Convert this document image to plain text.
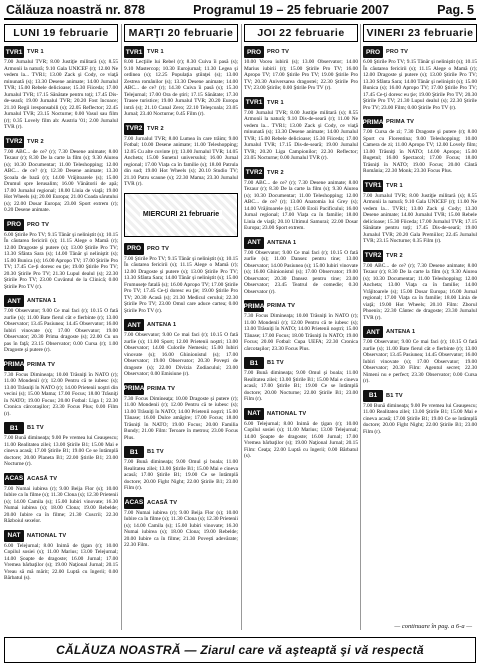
Călăuza noastră nr. 878	Programul 19 – 25 februarie 2007	Pag. 5
LUNI 19 februarie
TVR1 TVR 1

7.00 Jurnalul TVR; 8.00 Justiţie militară (s); 8.55 Armonii la natură; 9.10 Gala UNICEF (r); 12.00 Ne vedem la... TVR1; 13.00 Zack şi Cody, ce viaţă minunată (s); 13.30 Desene animate; 14.00 Jurnalul TVR; 15.00 Rebele delicioase; 15.30 Fiiceda; 17.00 Jurnalul TVR; 17.15 Sănătate pentru toţi; 17.45 Dis-de-seară; 19.00 Jurnalul TVR; 20.20 Fost încoace; 21.10 Regii iresponsabili (s); 22.05 Reflector; 22.45 Jurnalul TVR; 23.15 Nocturne; 0.00 Vasul sau film (r); 0.35 Lovely film ab: Austria '01; 2.00 Jurnalul TVR (r).

TVR2 TVR 2

7.00 ABC... de ce? (r); 7.30 Desene animate; 8.00 Tezaur (r); 8.30 De la carte la film (s); 9.30 Aiurea (s); 10.30 Documentar; 11.00 Teleshopping; 12.00 ABC... de ce? (r); 12.30 Desene animate; 13.30 Şcoala de bază (r); 14.00 Vrăjitoarele (s); 15.00 Drumul spre Ierusalim; 16.00 Vânătorii de apă; 17.00 Jurnalul regional; 18.00 Linia de viaţă; 19.00 Hot Wheels (s); 20.00 Europa; 21.00 Coada sărutului (s); 22.00 Dosar Europa; 23.00 Sport extrem (r); 0.20 Desene animate.

PRO	PRO TV

6.00 Ştirile Pro TV; 9.15 Tânăr şi neliniştit (s); 10.15 În căutarea fericirii (s); 11.15 Alege o Mamă (r); 12.00 Dragoste şi putere (s); 13.00 Ştirile Pro TV; 13.30 Sfânta Sara (s); 14.00 Tânăr şi neliniştit (s); 15.00 Bunica (s); 16.00 Apropo TV; 17.00 Ştirile Pro TV; 17.45 Ce-ţi doresc eu ţie; 19.00 Ştirile Pro TV; 20.30 Ştirile Pro TV; 21.30 Lupul dealul (s); 22.30 Ştirile Pro TV; 23.00 Cuvântul de la Clinică; 0.00 Ştirile Pro TV (r).

ANT	ANTENA 1

7.00 Observator; 9.00 Ce mai faci (r); 10.15 O fată zurlie (s); 11.00 Bate fierul cât e fierbinte (r); 13.00 Observator; 13.45 Pasiunea; 14.45 Observator; 16.00 Iubiri vinovate (s); 17.00 Observator; 19.00 Observator; 20.30 Prima dragoste (s); 22.00 Cu un pas în faţă; 23.15 Observator; 0.00 Cursa (r); 1.00 Dragoste şi putere (r).

PRIMA PRIMA TV

7.30 Focus Dimineaţa; 10.00 Trăsniţi în NATO (r); 11.00 Mondenii (r); 12.00 Pentru că te iubesc (s); 13.00 Trăsniţi în NATO (r); 14.00 Prietenii noştri din vecini (s); 15.00 Mama; 17.00 Focus; 18.00 Trăsniţi în NATO; 19.00 Focus; 20.00 Fotbal: Liga I; 22.30 Cronica cârcotaşilor; 23.30 Focus Plus; 0.00 Film (r).

B1	B1 TV

7.00 Bună dimineaţa; 9.00 Pe vremea lui Ceauşescu; 11.00 Realitatea zilei; 13.00 Ştirile B1; 15.00 Mai e cineva acasă; 17.00 Ştirile B1; 19.00 Ce se întâmplă doctore; 20.00 Planeta B1; 22.00 Ştirile B1; 23.00 Nocturne (r).

ACAS ACASĂ TV

7.00 Numai iubirea (r); 9.00 Beija Flor (s); 10.00 Iubire ca în filme (s); 11.30 Clona (s); 12.30 Prietenii (s); 14.00 Camila (s); 15.00 Iubiri vinovate; 16.30 Numai iubirea (s); 18.00 Clona; 19.00 Rebelde; 20.00 Iubire ca în filme; 21.30 Cuscrii; 22.30 Războiul sexelor.

NAT	NATIONAL TV

6.00 Telejurnal; 8.00 Inimă de ţigan (r); 10.00 Copilul sosiei (s); 11.00 Marius; 13.00 Telejurnal; 14.00 Şoapte de dragoste; 16.00 Jurnal; 17.00 Vremea bărbaţilor (s); 19.00 Naţional Jurnal; 20.15 Vreau să mă mărit; 22.00 Luptă cu îngerii; 0.00 Bărbatul (s).

MARŢI 20 februarie
TVR1 TVR 1

8.00 Lecţiile lui Rebel (r); 8.30 Cuiva îi pasă (s); 9.10 Mastercop; 10.30 Eurojurnal; 11.30 Legea şi ordinea (s); 12.25 Populaţia ştiinţei (s); 13.00 Zestrea românilor (s); 13.30 Desene animate; 14.00 ABC... de ce? (r); 14.30 Cuiva îi pasă (s); 15.30 Telejurnal; 17.00 Ora de ştiri; 17.15 Sănătate; 17.30 Trasee turistice; 19.00 Jurnalul TVR; 20.20 Europa intră (s); 21.10 Canal Zero; 22.10 Teleşcoala; 23.05 Jurnal; 23.40 Nocturne; 0.45 Film (r).

TVR2 TVR 2

7.00 Jurnalul TVR; 8.00 Lumea în care trăim; 9.00 Fotbal; 10.00 Desene animate; 11.00 Teleshopping; 12.05 Cu alte cuvinte (r); 13.00 Jurnalul TVR; 14.05 Ancheta; 15.00 Sunetul universului; 16.00 Jurnal regional; 17.00 Viaţa ca în familie (s); 18.00 Patrula din sud; 19.00 Hot Wheels (s); 20.10 Studio TV; 21.10 Patru scaune (s); 22.30 Mama; 23.30 Jurnalul TVR (r).

MIERCURI 21 februarie
PRO	PRO TV

7.00 Ştirile Pro TV; 9.15 Tânăr şi neliniştit (s); 10.15 În căutarea fericirii (s); 11.15 Alege o Mamă (r); 12.00 Dragoste şi putere (s); 13.00 Ştirile Pro TV; 13.30 Sfânta Sara; 14.00 Tânăr şi neliniştit (s); 15.00 Frumuseţe fatală (s); 16.00 Apropo TV; 17.00 Ştirile Pro TV; 17.45 Ce-ţi doresc eu ţie; 19.00 Ştirile Pro TV; 20.30 Acasă (s); 21.30 Medicul cerului; 22.30 Ştirile Pro TV; 23.00 Omul care aduce cartea; 0.00 Ştirile Pro TV (r).

ANT	ANTENA 1

7.00 Observator; 9.00 Ce mai faci (r); 10.15 O fată zurlie (s); 11.00 Sport; 12.00 Prietenii noştri; 13.00 Observator; 14.00 Culorile Nemesis; 15.00 Iubiri vinovate (s); 16.00 Ghinionistul (s); 17.00 Observator; 19.00 Observator; 20.30 Poveşti de dragoste (s); 22.00 Divizia Zodiacului; 23.00 Observator; 0.00 Emisiune (r).

PRIMA PRIMA TV

7.30 Focus Dimineaţa; 10.00 Dragoste şi putere (r); 11.00 Mondenii (r); 12.00 Pentru că te iubesc (s); 13.00 Trăsniţi în NATO; 14.00 Prietenii noştri; 15.00 Tănase; 16.00 Dulce amăgire; 17.00 Focus; 18.00 Trăsniţi în NATO; 19.00 Focus; 20.00 Familia Bundy; 21.00 Film: Teroare în metrou; 23.00 Focus Plus.

B1	B1 TV

7.00 Bună dimineaţa; 9.00 Omul şi boala; 11.00 Realitatea zilei; 13.00 Ştirile B1; 15.00 Mai e cineva acasă; 17.00 Ştirile B1; 19.00 Ce se întâmplă doctore; 20.00 Fight Night; 22.00 Ştirile B1; 23.00 Film (r).

ACAS ACASĂ TV

7.00 Numai iubirea (r); 9.00 Beija Flor (s); 10.00 Iubire ca în filme (s); 11.30 Clona (s); 12.30 Prietenii (s); 14.00 Camila (s); 15.00 Iubiri vinovate; 16.30 Numai iubirea (s); 18.00 Clona; 19.00 Rebelde; 20.00 Iubire ca în filme; 21.30 Poveşti adevărate; 22.30 Film.

JOI 22 februarie
PRO	PRO TV

10.00 Vocea iubirii (s); 13.00 Observator; 14.00 Marius iubirii (r); 15.00 Ştirile Pro TV; 16.00 Apropo TV; 17.00 Ştirile Pro TV; 19.00 Ştirile Pro TV; 20.30 Aniversarea dragostei; 22.30 Ştirile Pro TV; 23.00 Ştirile; 0.00 Ştirile Pro TV (r).

TVR1 TVR 1

7.00 Jurnalul TVR; 8.00 Justiţie militară (s); 8.55 Armonii la natură; 9.10 Dis-de-seară (r); 11.00 Ne vedem la... TVR1; 13.00 Zack şi Cody, ce viaţă minunată (s); 13.30 Desene animate; 14.00 Jurnalul TVR; 15.00 Rebele delicioase; 15.30 Fiiceda; 17.00 Jurnalul TVR; 17.15 Dis-de-seară; 19.00 Jurnalul TVR; 20.20 Liga Campionilor; 22.30 Reflector; 23.05 Nocturne; 0.00 Jurnalul TVR (r).

TVR2 TVR 2

7.00 ABC... de ce? (r); 7.30 Desene animate; 8.00 Tezaur (r); 8.30 De la carte la film (s); 9.30 Aiurea (s); 10.30 Documentar; 11.00 Teleshopping; 12.00 ABC... de ce? (r); 13.00 Anatomia lui Grey (s); 14.00 Vrăjitoarele (s); 15.00 Eroii Pacificului; 16.00 Jurnal regional; 17.00 Viaţa ca în familie; 18.00 Linia de viaţă; 20.10 Ultimul Samurai; 22.00 Dosar Europa; 23.00 Sport extrem.

ANT	ANTENA 1

7.00 Observator; 9.00 Ce mai faci (r); 10.15 O fată zurlie (s); 11.00 Dansez pentru tine; 13.00 Observator; 14.00 Pasiunea (s); 15.00 Iubiri vinovate (s); 16.00 Ghinionistul (s); 17.00 Observator; 19.00 Observator; 20.30 Dansez pentru tine; 23.00 Observator; 23.45 Teatrul de comedie; 0.30 Observator (r).

PRIMA PRIMA TV

7.30 Focus Dimineaţa; 10.00 Trăsniţi în NATO (r); 11.00 Mondenii (r); 12.00 Pentru că te iubesc (s); 13.00 Trăsniţi în NATO; 14.00 Prietenii noştri; 15.00 Tănase; 17.00 Focus; 18.00 Trăsniţi în NATO; 19.00 Focus; 20.00 Fotbal: Cupa UEFA; 22.30 Cronica cârcotaşilor; 23.30 Focus Plus.

B1	B1 TV

7.00 Bună dimineaţa; 9.00 Omul şi boala; 11.00 Realitatea zilei; 13.00 Ştirile B1; 15.00 Mai e cineva acasă; 17.00 Ştirile B1; 19.00 Ce se întâmplă doctore; 20.00 Nocturne; 22.00 Ştirile B1; 23.00 Film (r).

NAT	NATIONAL TV

6.00 Telejurnal; 8.00 Inimă de ţigan (r); 10.00 Copilul sosiei (s); 11.00 Marius; 13.00 Telejurnal; 14.00 Şoapte de dragoste; 16.00 Jurnal; 17.00 Vremea bărbaţilor (s); 19.00 Naţional Jurnal; 20.15 Film: Ceaţa; 22.00 Luptă cu îngerii; 0.00 Bărbatul (s).

VINERI 23 februarie
PRO	PRO TV

6.00 Ştirile Pro TV; 9.15 Tânăr şi neliniştit (s); 10.15 În căutarea fericirii (s); 11.15 Alege o Mamă (r); 12.00 Dragoste şi putere (s); 13.00 Ştirile Pro TV; 13.30 Sfânta Sara; 14.00 Tânăr şi neliniştit (s); 15.00 Bunica (s); 16.00 Apropo TV; 17.00 Ştirile Pro TV; 17.45 Ce-ţi doresc eu ţie; 19.00 Ştirile Pro TV; 20.30 Ştirile Pro TV; 21.30 Lupul dealul (s); 22.30 Ştirile Pro TV; 23.00 Film; 0.00 Ştirile Pro TV (r).

PRIMA PRIMA TV

7.00 Cursa de zi; 7.30 Dragoste şi putere (r); 8.00 Sport cu Florentina; 9.00 Teleshopping; 10.00 Camera de zi; 11.00 Apropo TV; 12.00 Lovely film; 13.00 Trăsniţi în NATO; 14.00 Apropo; 15.00 Bugetul; 16.00 Spectacol; 17.00 Focus; 18.00 Trăsniţi în NATO; 19.00 Focus; 20.00 Cântă România; 22.30 Monk; 23.30 Focus Plus.

TVR1 TVR 1

7.00 Jurnalul TVR; 8.00 Justiţie militară (s); 8.55 Armonii la natură; 9.10 Gala UNICEF (r); 11.00 Ne vedem la... TVR1; 13.00 Zack şi Cody; 13.30 Desene animate; 14.00 Jurnalul TVR; 15.00 Rebele delicioase; 15.30 Fiiceda; 17.00 Jurnalul TVR; 17.15 Sănătate pentru toţi; 17.45 Dis-de-seară; 19.00 Jurnalul TVR; 20.20 Gala Premiilor; 22.45 Jurnalul TVR; 23.15 Nocturne; 0.35 Film (r).

TVR2 TVR 2

7.00 ABC... de ce? (r); 7.30 Desene animate; 8.00 Tezaur (r); 8.30 De la carte la film (s); 9.30 Aiurea (s); 10.30 Documentar; 11.00 Teleshopping; 12.00 Ancheta; 13.00 Viaţa ca în familie; 14.00 Vrăjitoarele (s); 15.00 Dosar Europa; 16.00 Jurnal regional; 17.00 Viaţa ca în familie; 18.00 Linia de viaţă; 19.00 Hot Wheels; 20.10 Film: Zborul Phoenix; 22.30 Cântec de dragoste; 23.30 Jurnalul TVR (r).

ANT	ANTENA 1

7.00 Observator; 9.00 Ce mai faci (r); 10.15 O fată zurlie (s); 11.00 Bate fierul cât e fierbinte (r); 13.00 Observator; 13.45 Pasiunea; 14.45 Observator; 16.00 Iubiri vinovate (s); 17.00 Observator; 19.00 Observator; 20.30 Film: Agentul secret; 22.30 Nimeni nu e perfect; 23.30 Observator; 0.00 Cursa (r).

B1	B1 TV

7.00 Bună dimineaţa; 9.00 Pe vremea lui Ceauşescu; 11.00 Realitatea zilei; 13.00 Ştirile B1; 15.00 Mai e cineva acasă; 17.00 Ştirile B1; 19.00 Ce se întâmplă doctore; 20.00 Fight Night; 22.00 Ştirile B1; 23.00 Film (r).

— continuare în pag. a 6-a —
CĂLĂUZA NOASTRĂ — Ziarul care vă aşteaptă şi vă respectă
